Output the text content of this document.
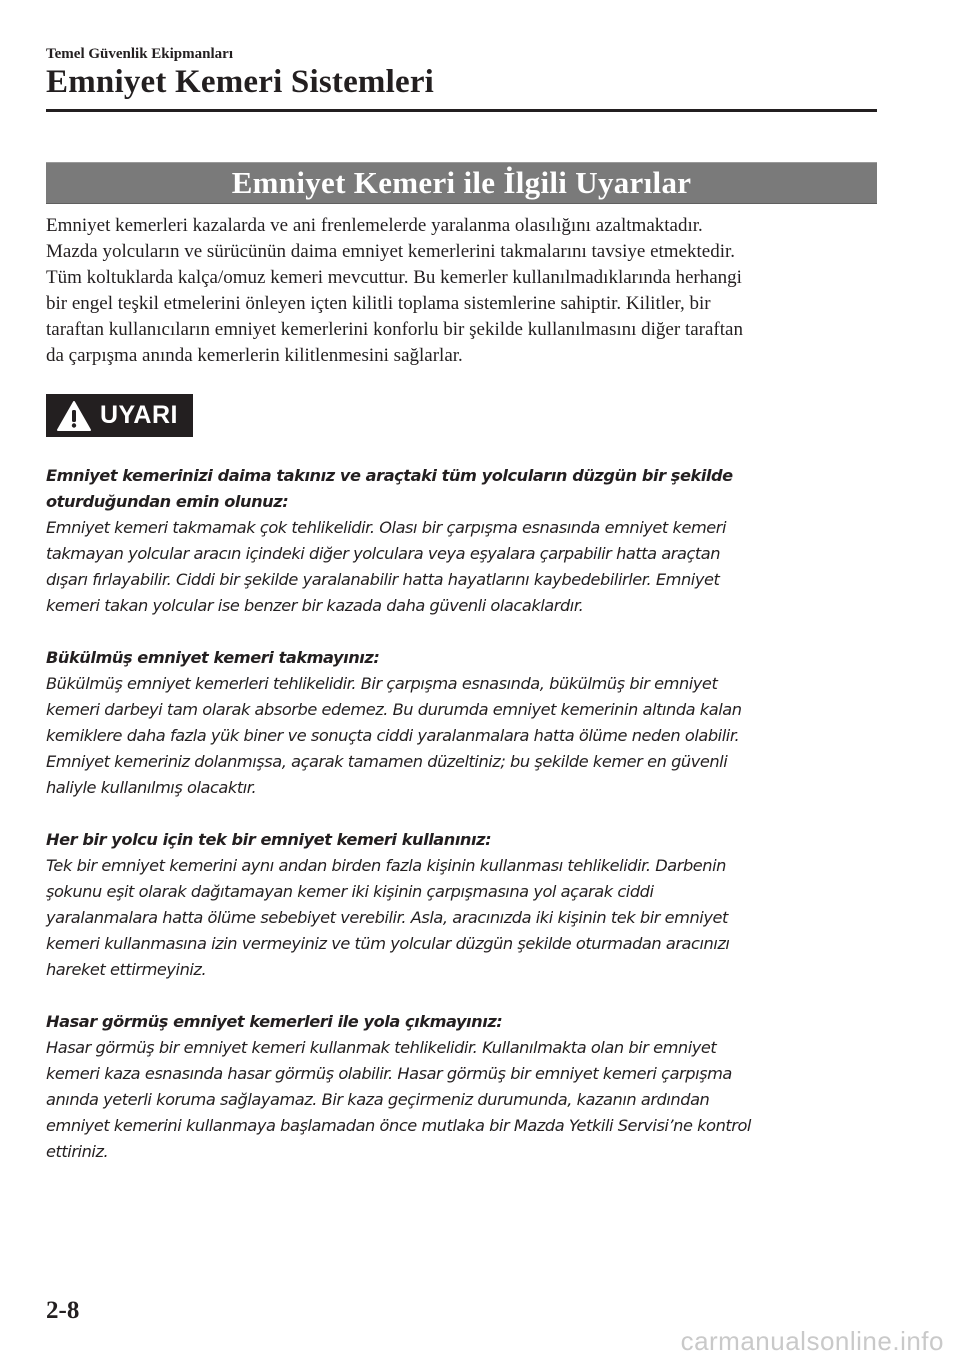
Temel Güvenlik Ekipmanları
Emniyet Kemeri Sistemleri
Emniyet Kemeri ile İlgili Uyarılar

Emniyet kemerleri kazalarda ve ani frenlemelerde yaralanma olasılığını azaltmaktadır.
Mazda yolcuların ve sürücünün daima emniyet kemerlerini takmalarını tavsiye etmektedir.
Tüm koltuklarda kalça/omuz kemeri mevcuttur. Bu kemerler kullanılmadıklarında herhangi
bir engel teşkil etmelerini önleyen içten kilitli toplama sistemlerine sahiptir. Kilitler, bir
taraftan kullanıcıların emniyet kemerlerini konforlu bir şekilde kullanılmasını diğer taraftan
da çarpışma anında kemerlerin kilitlenmesini sağlarlar.

UYARI
Emniyet kemerinizi daima takınız ve araçtaki tüm yolcuların düzgün bir şekilde
oturduğundan emin olunuz:
Emniyet kemeri takmamak çok tehlikelidir. Olası bir çarpışma esnasında emniyet kemeri
takmayan yolcular aracın içindeki diğer yolculara veya eşyalara çarpabilir hatta araçtan
dışarı fırlayabilir. Ciddi bir şekilde yaralanabilir hatta hayatlarını kaybedebilirler. Emniyet
kemeri takan yolcular ise benzer bir kazada daha güvenli olacaklardır.
Bükülmüş emniyet kemeri takmayınız:
Bükülmüş emniyet kemerleri tehlikelidir. Bir çarpışma esnasında, bükülmüş bir emniyet
kemeri darbeyi tam olarak absorbe edemez. Bu durumda emniyet kemerinin altında kalan
kemiklere daha fazla yük biner ve sonuçta ciddi yaralanmalara hatta ölüme neden olabilir.
Emniyet kemeriniz dolanmışsa, açarak tamamen düzeltiniz; bu şekilde kemer en güvenli
haliyle kullanılmış olacaktır.
Her bir yolcu için tek bir emniyet kemeri kullanınız:
Tek bir emniyet kemerini aynı andan birden fazla kişinin kullanması tehlikelidir. Darbenin
şokunu eşit olarak dağıtamayan kemer iki kişinin çarpışmasına yol açarak ciddi
yaralanmalara hatta ölüme sebebiyet verebilir. Asla, aracınızda iki kişinin tek bir emniyet
kemeri kullanmasına izin vermeyiniz ve tüm yolcular düzgün şekilde oturmadan aracınızı
hareket ettirmeyiniz.
Hasar görmüş emniyet kemerleri ile yola çıkmayınız:
Hasar görmüş bir emniyet kemeri kullanmak tehlikelidir. Kullanılmakta olan bir emniyet
kemeri kaza esnasında hasar görmüş olabilir. Hasar görmüş bir emniyet kemeri çarpışma
anında yeterli koruma sağlayamaz. Bir kaza geçirmeniz durumunda, kazanın ardından
emniyet kemerini kullanmaya başlamadan önce mutlaka bir Mazda Yetkili Servisi’ne kontrol
ettiriniz.
2-8
carmanualsonline.info
